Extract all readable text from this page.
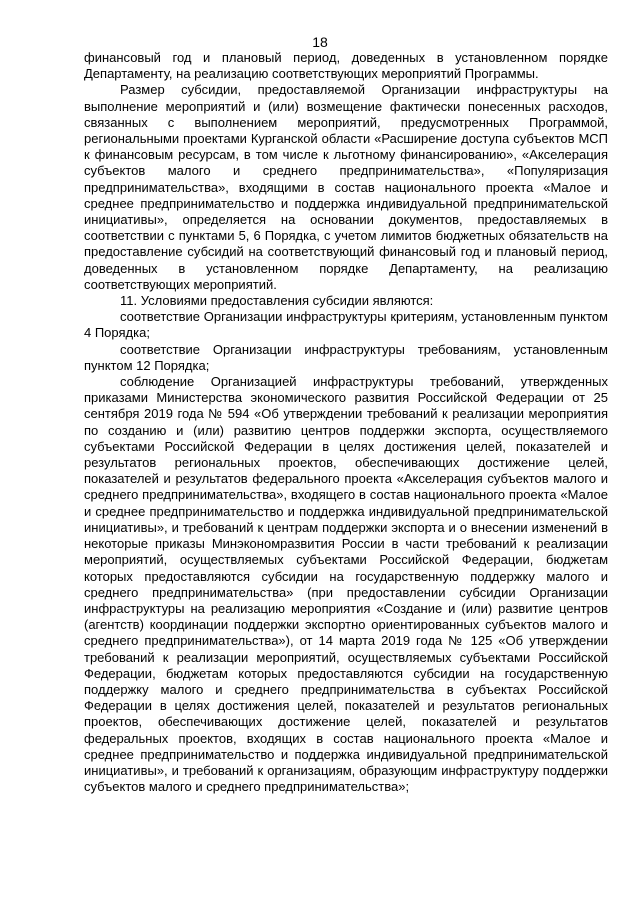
18

финансовый год и плановый период, доведенных в установленном порядке Департаменту, на реализацию соответствующих мероприятий Программы.

Размер субсидии, предоставляемой Организации инфраструктуры на выполнение мероприятий и (или) возмещение фактически понесенных расходов, связанных с выполнением мероприятий, предусмотренных Программой, региональными проектами Курганской области «Расширение доступа субъектов МСП к финансовым ресурсам, в том числе к льготному финансированию», «Акселерация субъектов малого и среднего предпринимательства», «Популяризация предпринимательства», входящими в состав национального проекта «Малое и среднее предпринимательство и поддержка индивидуальной предпринимательской инициативы», определяется на основании документов, предоставляемых в соответствии с пунктами 5, 6 Порядка, с учетом лимитов бюджетных обязательств на предоставление субсидий на соответствующий финансовый год и плановый период, доведенных в установленном порядке Департаменту, на реализацию соответствующих мероприятий.

11. Условиями предоставления субсидии являются:

соответствие Организации инфраструктуры критериям, установленным пунктом 4 Порядка;

соответствие Организации инфраструктуры требованиям, установленным пунктом 12 Порядка;

соблюдение Организацией инфраструктуры требований, утвержденных приказами Министерства экономического развития Российской Федерации от 25 сентября 2019 года № 594 «Об утверждении требований к реализации мероприятия по созданию и (или) развитию центров поддержки экспорта, осуществляемого субъектами Российской Федерации в целях достижения целей, показателей и результатов региональных проектов, обеспечивающих достижение целей, показателей и результатов федерального проекта «Акселерация субъектов малого и среднего предпринимательства», входящего в состав национального проекта «Малое и среднее предпринимательство и поддержка индивидуальной предпринимательской инициативы», и требований к центрам поддержки экспорта и о внесении изменений в некоторые приказы Минэкономразвития России в части требований к реализации мероприятий, осуществляемых субъектами Российской Федерации, бюджетам которых предоставляются субсидии на государственную поддержку малого и среднего предпринимательства» (при предоставлении субсидии Организации инфраструктуры на реализацию мероприятия «Создание и (или) развитие центров (агентств) координации поддержки экспортно ориентированных субъектов малого и среднего предпринимательства»), от 14 марта 2019 года № 125 «Об утверждении требований к реализации мероприятий, осуществляемых субъектами Российской Федерации, бюджетам которых предоставляются субсидии на государственную поддержку малого и среднего предпринимательства в субъектах Российской Федерации в целях достижения целей, показателей и результатов региональных проектов, обеспечивающих достижение целей, показателей и результатов федеральных проектов, входящих в состав национального проекта «Малое и среднее предпринимательство и поддержка индивидуальной предпринимательской инициативы», и требований к организациям, образующим инфраструктуру поддержки субъектов малого и среднего предпринимательства»;
